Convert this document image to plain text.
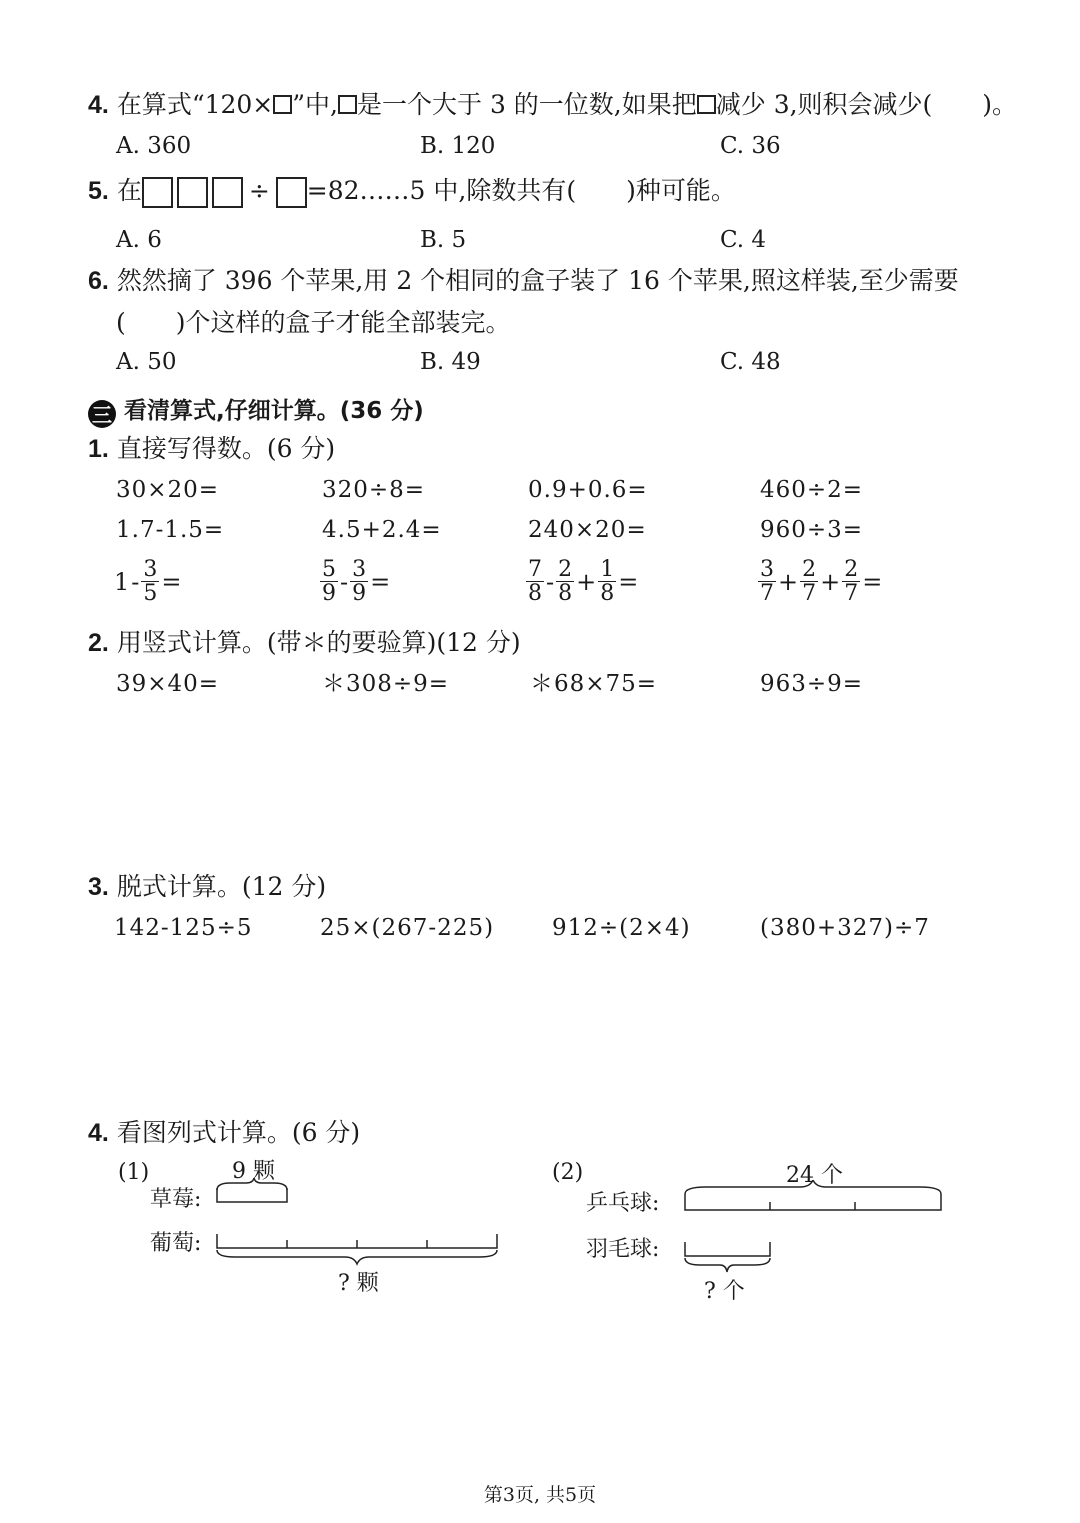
4. 在算式“120× ”中, 是一个大于 3 的一位数,如果把 减少 3,则积会减少(　　)。
A. 360	B. 120	C. 36
5. 在	÷ =82……5 中,除数共有(　　)种可能。
A. 6	B. 5	C. 4
6. 然然摘了 396 个苹果,用 2 个相同的盒子装了 16 个苹果,照这样装,至少需要
(　　)个这样的盒子才能全部装完。
A. 50	B. 49	C. 48
三 看清算式,仔细计算。(36 分)
1. 直接写得数。(6 分)
30×20=	320÷8=	0.9+0.6=	460÷2=
1.7-1.5=	4.5+2.4=	240×20=	960÷3=
$1 - \frac{3}{5}$ =	$\frac{5}{9} - \frac{3}{9}$ =	$\frac{7}{8} - \frac{2}{8} + \frac{1}{8}$ =	$\frac{3}{7} + \frac{2}{7} + \frac{2}{7}$ =
2. 用竖式计算。(带＊的要验算)(12 分)
39×40=	＊308÷9=	＊68×75=	963÷9=
3. 脱式计算。(12 分)
142-125÷5	25×(267-225)	912÷(2×4)	(380+327)÷7
4. 看图列式计算。(6 分)
(1)	9 颗
草莓:
葡萄:
? 颗
(2)	24 个
乒乓球:
羽毛球:
? 个
第3页, 共5页
